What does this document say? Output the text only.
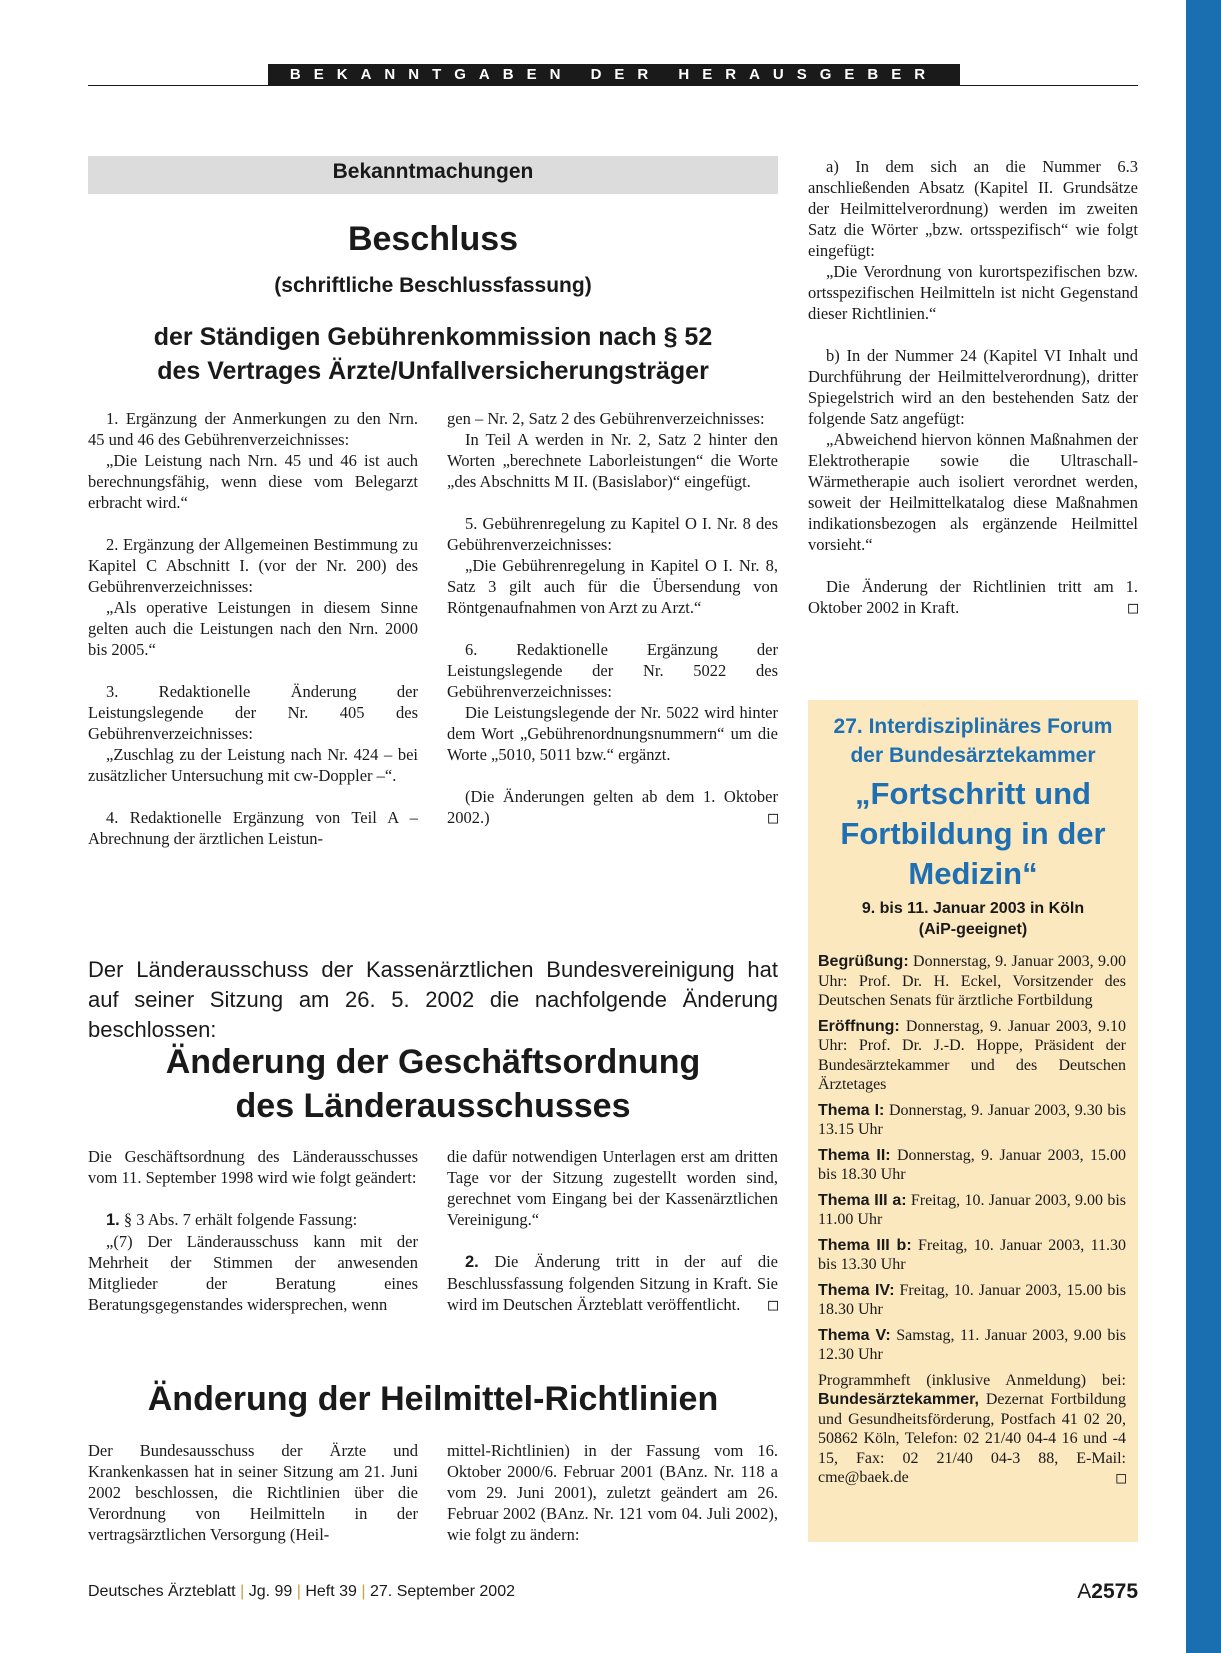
BEKANNTGABEN DER HERAUSGEBER
Bekanntmachungen
Beschluss
(schriftliche Beschlussfassung)
der Ständigen Gebührenkommission nach § 52
des Vertrages Ärzte/Unfallversicherungsträger

1. Ergänzung der Anmerkungen zu den Nrn. 45 und 46 des Gebührenverzeichnisses:

„Die Leistung nach Nrn. 45 und 46 ist auch berechnungsfähig, wenn diese vom Belegarzt erbracht wird.“

2. Ergänzung der Allgemeinen Bestimmung zu Kapitel C Abschnitt I. (vor der Nr. 200) des Gebührenverzeichnisses:

„Als operative Leistungen in diesem Sinne gelten auch die Leistungen nach den Nrn. 2000 bis 2005.“

3. Redaktionelle Änderung der Leistungslegende der Nr. 405 des Gebührenverzeichnisses:

„Zuschlag zu der Leistung nach Nr. 424 – bei zusätzlicher Untersuchung mit cw-Doppler –“.

4. Redaktionelle Ergänzung von Teil A – Abrechnung der ärztlichen Leistun-

gen – Nr. 2, Satz 2 des Gebührenverzeichnisses:

In Teil A werden in Nr. 2, Satz 2 hinter den Worten „berechnete Laborleistungen“ die Worte „des Abschnitts M II. (Basislabor)“ eingefügt.

5. Gebührenregelung zu Kapitel O I. Nr. 8 des Gebührenverzeichnisses:

„Die Gebührenregelung in Kapitel O I. Nr. 8, Satz 3 gilt auch für die Übersendung von Röntgenaufnahmen von Arzt zu Arzt.“

6. Redaktionelle Ergänzung der Leistungslegende der Nr. 5022 des Gebührenverzeichnisses:

Die Leistungslegende der Nr. 5022 wird hinter dem Wort „Gebührenordnungsnummern“ um die Worte „5010, 5011 bzw.“ ergänzt.

(Die Änderungen gelten ab dem 1. Oktober 2002.)	□

a) In dem sich an die Nummer 6.3 anschließenden Absatz (Kapitel II. Grundsätze der Heilmittelverordnung) werden im zweiten Satz die Wörter „bzw. ortsspezifisch“ wie folgt eingefügt:

„Die Verordnung von kurortspezifischen bzw. ortsspezifischen Heilmitteln ist nicht Gegenstand dieser Richtlinien.“

b) In der Nummer 24 (Kapitel VI Inhalt und Durchführung der Heilmittelverordnung), dritter Spiegelstrich wird an den bestehenden Satz der folgende Satz angefügt:

„Abweichend hiervon können Maßnahmen der Elektrotherapie sowie die Ultraschall-Wärmetherapie auch isoliert verordnet werden, soweit der Heilmittelkatalog diese Maßnahmen indikationsbezogen als ergänzende Heilmittel vorsieht.“

Die Änderung der Richtlinien tritt am 1. Oktober 2002 in Kraft.	□

Der Länderausschuss der Kassenärztlichen Bundesvereinigung hat auf seiner Sitzung am 26. 5. 2002 die nachfolgende Änderung beschlossen:
Änderung der Geschäftsordnung
des Länderausschusses

Die Geschäftsordnung des Länderausschusses vom 11. September 1998 wird wie folgt geändert:

1. § 3 Abs. 7 erhält folgende Fassung:

„(7) Der Länderausschuss kann mit der Mehrheit der Stimmen der anwesenden Mitglieder der Beratung eines Beratungsgegenstandes widersprechen, wenn

die dafür notwendigen Unterlagen erst am dritten Tage vor der Sitzung zugestellt worden sind, gerechnet vom Eingang bei der Kassenärztlichen Vereinigung.“

2. Die Änderung tritt in der auf die Beschlussfassung folgenden Sitzung in Kraft. Sie wird im Deutschen Ärzteblatt veröffentlicht.	□

Änderung der Heilmittel-Richtlinien

Der Bundesausschuss der Ärzte und Krankenkassen hat in seiner Sitzung am 21. Juni 2002 beschlossen, die Richtlinien über die Verordnung von Heilmitteln in der vertragsärztlichen Versorgung (Heil-

mittel-Richtlinien) in der Fassung vom 16. Oktober 2000/6. Februar 2001 (BAnz. Nr. 118 a vom 29. Juni 2001), zuletzt geändert am 26. Februar 2002 (BAnz. Nr. 121 vom 04. Juli 2002), wie folgt zu ändern:

27. Interdisziplinäres Forum
der Bundesärztekammer
„Fortschritt und
Fortbildung in der
Medizin“
9. bis 11. Januar 2003 in Köln
(AiP-geeignet)

Begrüßung: Donnerstag, 9. Januar 2003, 9.00 Uhr: Prof. Dr. H. Eckel, Vorsitzender des Deutschen Senats für ärztliche Fortbildung

Eröffnung: Donnerstag, 9. Januar 2003, 9.10 Uhr: Prof. Dr. J.-D. Hoppe, Präsident der Bundesärztekammer und des Deutschen Ärztetages

Thema I: Donnerstag, 9. Januar 2003, 9.30 bis 13.15 Uhr

Thema II: Donnerstag, 9. Januar 2003, 15.00 bis 18.30 Uhr

Thema III a: Freitag, 10. Januar 2003, 9.00 bis 11.00 Uhr

Thema III b: Freitag, 10. Januar 2003, 11.30 bis 13.30 Uhr

Thema IV: Freitag, 10. Januar 2003, 15.00 bis 18.30 Uhr

Thema V: Samstag, 11. Januar 2003, 9.00 bis 12.30 Uhr

Programmheft (inklusive Anmeldung) bei: Bundesärztekammer, Dezernat Fortbildung und Gesundheitsförderung, Postfach 41 02 20, 50862 Köln, Telefon: 02 21/40 04-4 16 und -4 15, Fax: 02 21/40 04-3 88, E-Mail: cme@baek.de	□

Deutsches Ärzteblatt | Jg. 99 | Heft 39 | 27. September 2002	A2575
